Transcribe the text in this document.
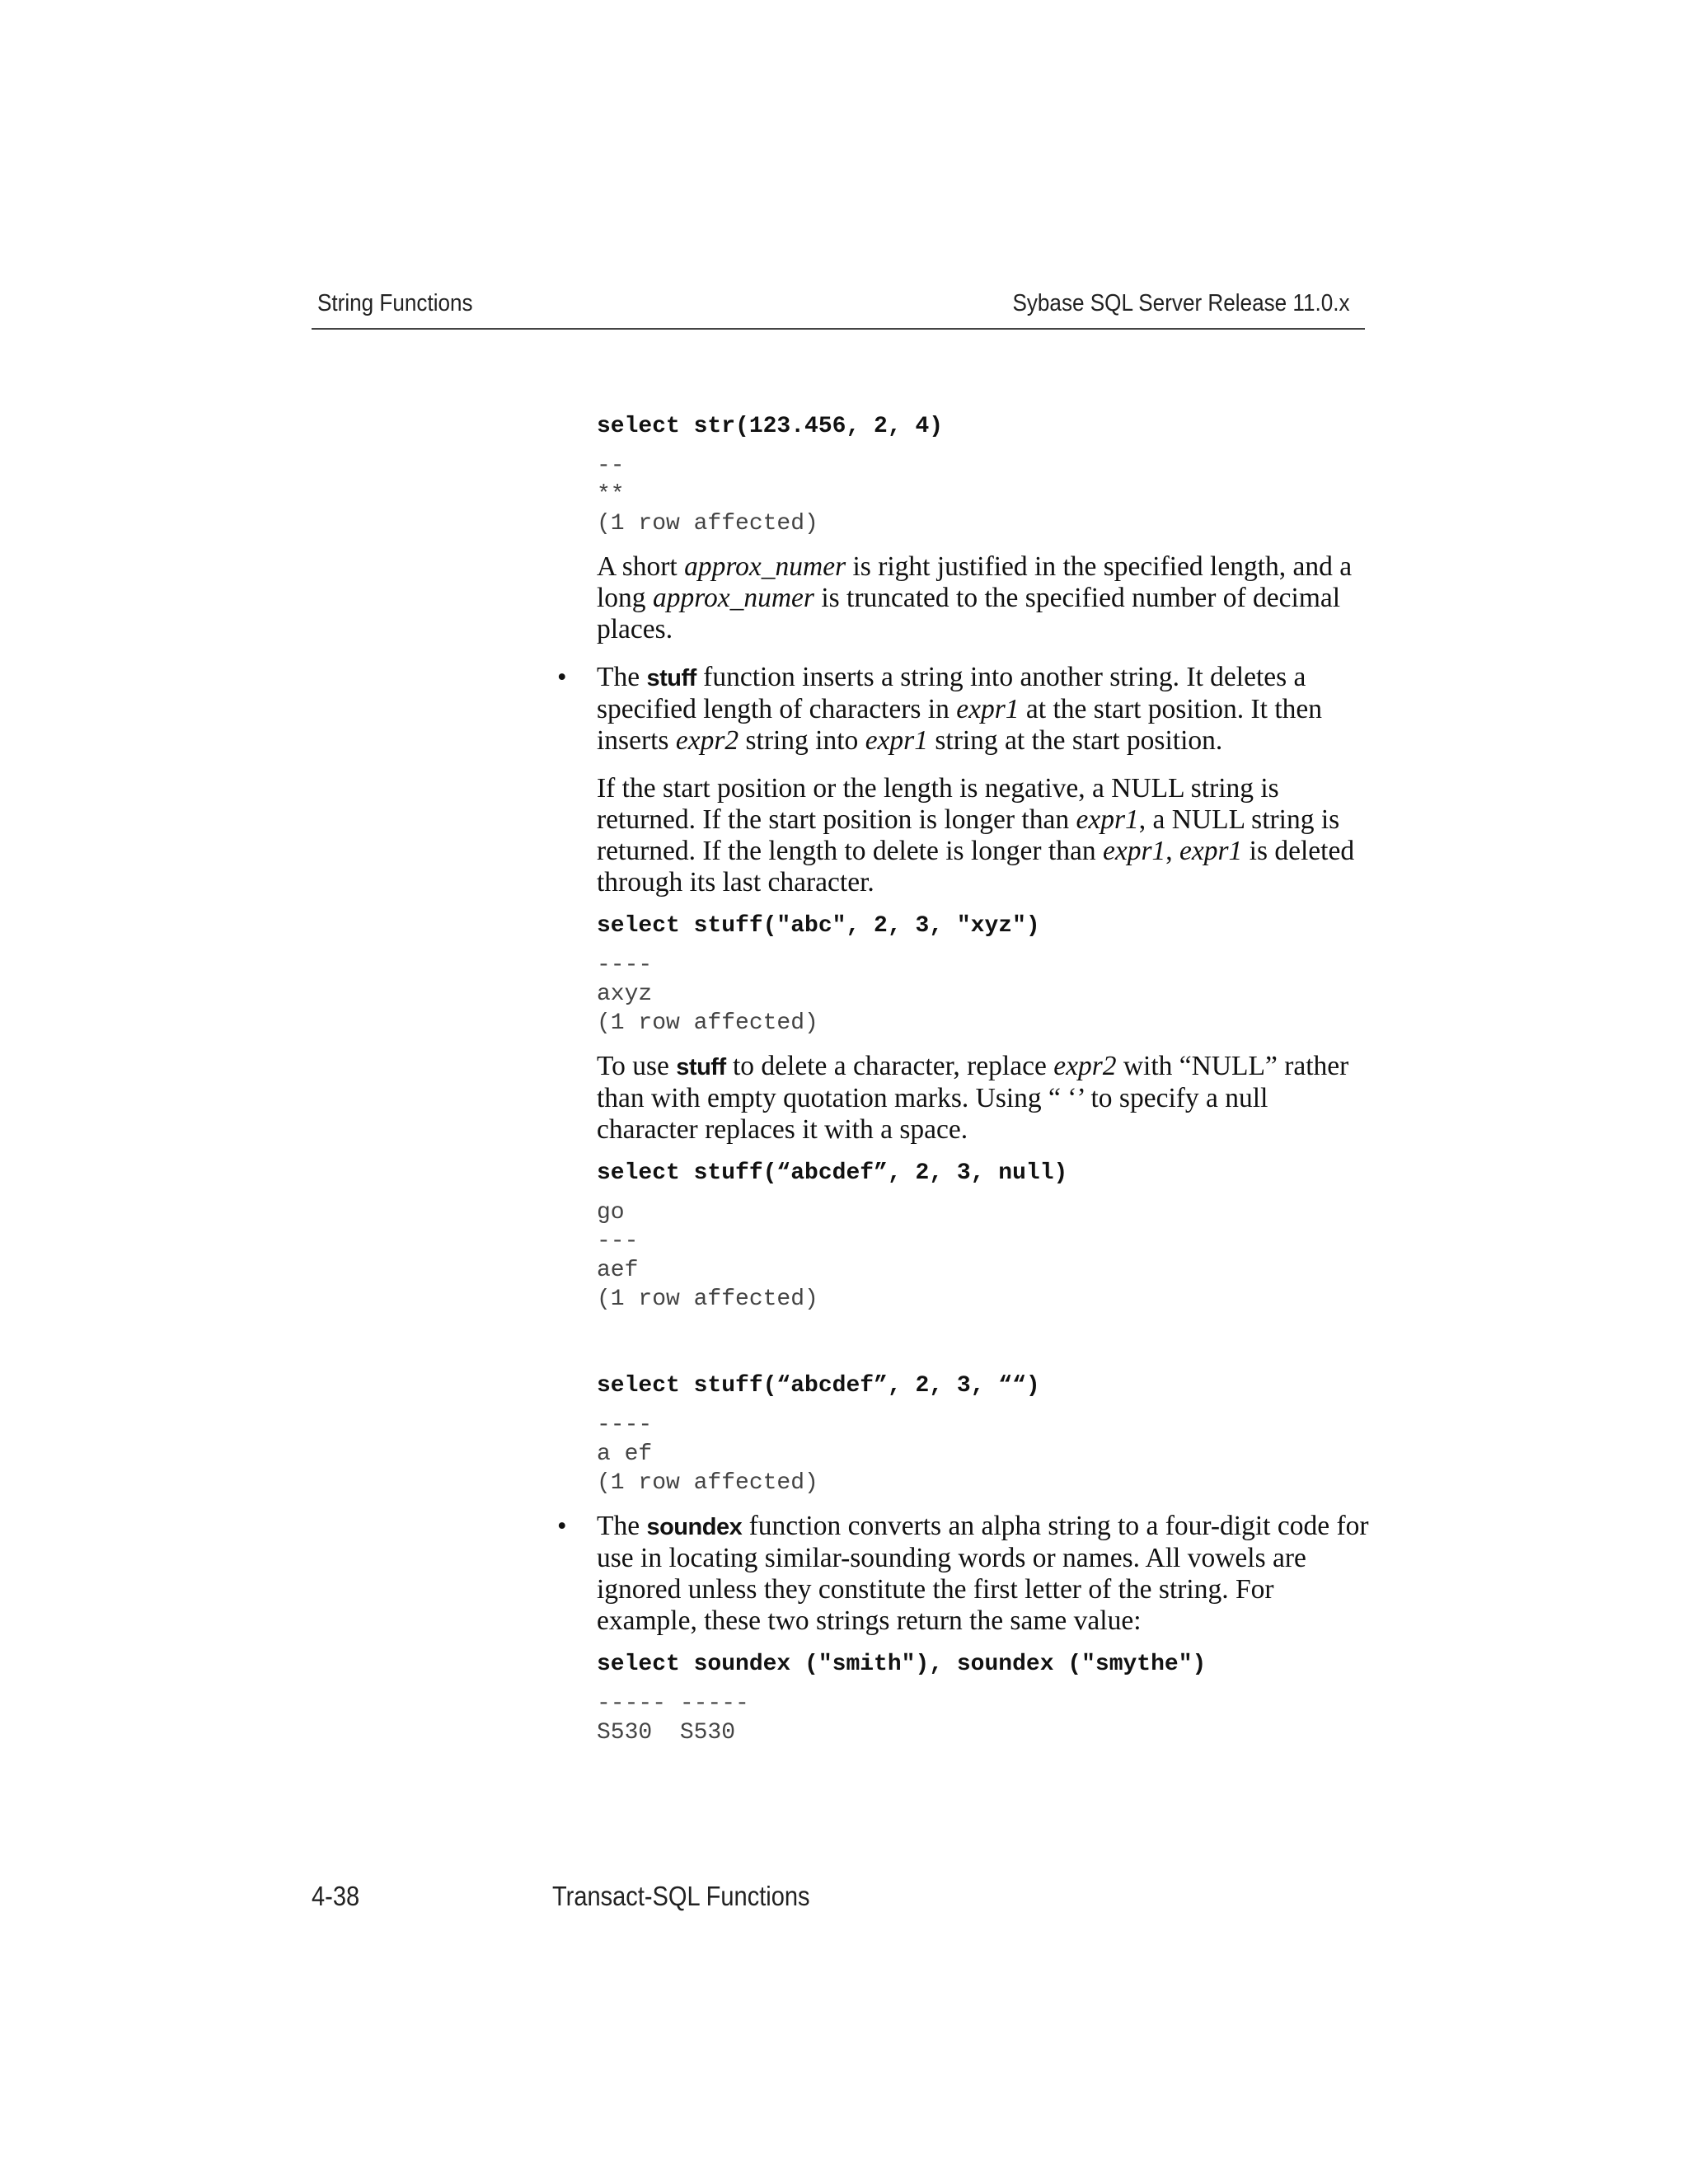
String Functions	Sybase SQL Server Release 11.0.x
select str(123.456, 2, 4)
--
**
(1 row affected)

A short approx_numer is right justified in the specified length, and a long approx_numer is truncated to the specified number of decimal places.

• The stuff function inserts a string into another string. It deletes a specified length of characters in expr1 at the start position. It then inserts expr2 string into expr1 string at the start position.

If the start position or the length is negative, a NULL string is returned. If the start position is longer than expr1, a NULL string is returned. If the length to delete is longer than expr1, expr1 is deleted through its last character.

select stuff("abc", 2, 3, "xyz")
----
axyz
(1 row affected)

To use stuff to delete a character, replace expr2 with “NULL” rather than with empty quotation marks. Using “ ‘’ to specify a null character replaces it with a space.

select stuff(“abcdef”, 2, 3, null)
go
---
aef
(1 row affected)
select stuff(“abcdef”, 2, 3, ““)
----
a ef
(1 row affected)
• The soundex function converts an alpha string to a four-digit code for use in locating similar-sounding words or names. All vowels are ignored unless they constitute the first letter of the string. For example, these two strings return the same value:

select soundex ("smith"), soundex ("smythe")
----- -----
S530  S530
4-38	Transact-SQL Functions
